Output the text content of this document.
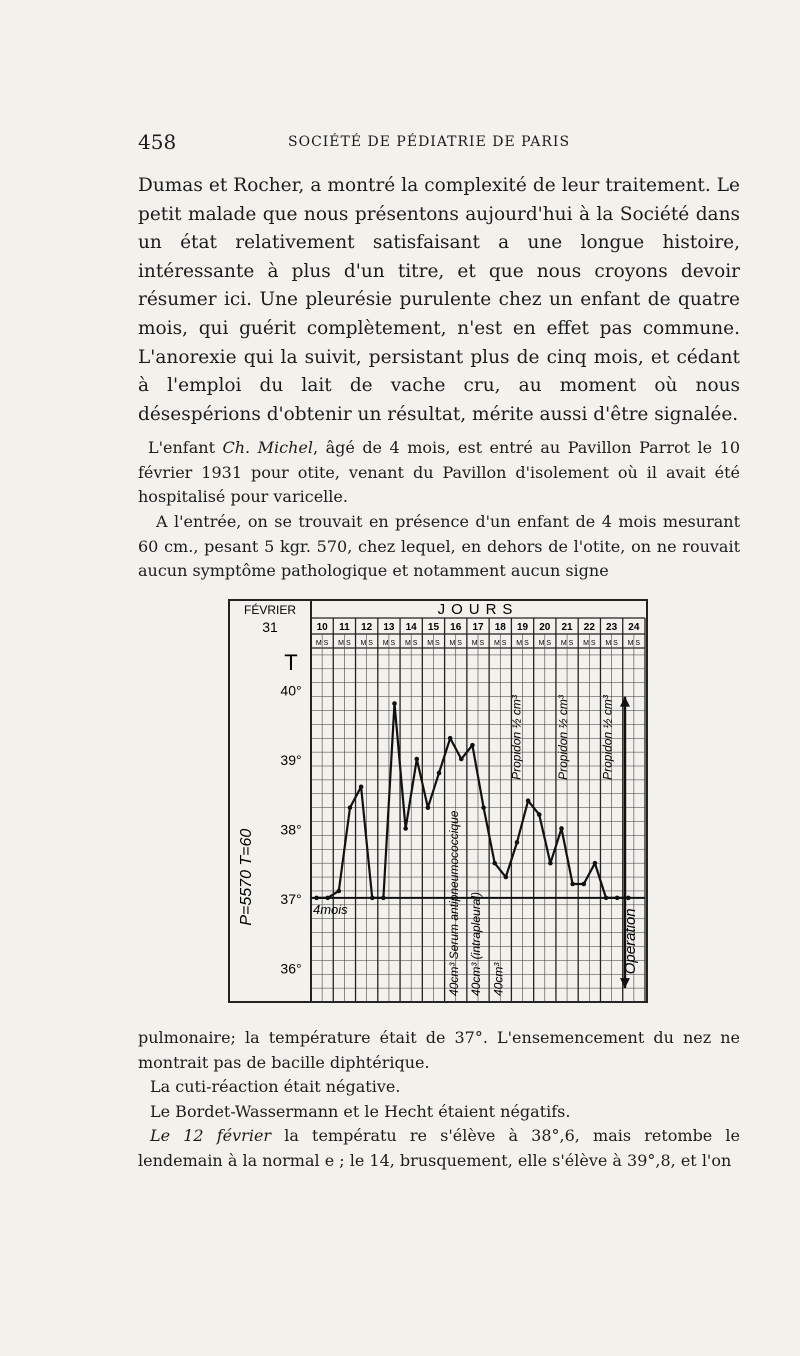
458	SOCIÉTÉ DE PÉDIATRIE DE PARIS

Dumas et Rocher, a montré la complexité de leur traitement. Le petit malade que nous présentons aujourd'hui à la Société dans un état relativement satisfaisant a une longue histoire, intéressante à plus d'un titre, et que nous croyons devoir résumer ici. Une pleurésie purulente chez un enfant de quatre mois, qui guérit complètement, n'est en effet pas commune. L'anorexie qui la suivit, persistant plus de cinq mois, et cédant à l'emploi du lait de vache cru, au moment où nous désespérions d'obtenir un résultat, mérite aussi d'être signalée.

L'enfant Ch. Michel, âgé de 4 mois, est entré au Pavillon Parrot le 10 février 1931 pour otite, venant du Pavillon d'isolement où il avait été hospitalisé pour varicelle.

A l'entrée, on se trouvait en présence d'un enfant de 4 mois mesurant 60 cm., pesant 5 kgr. 570, chez lequel, en dehors de l'otite, on ne rouvait aucun symptôme pathologique et notamment aucun signe

FÉVRIER
31
JOURS
10
M S
11
M S
12
M S
13
M S
14
M S
15
M S
16
M S
17
M S
18
M S
19
M S
20
M S
21
M S
22
M S
23
M S
24
M S
T
40°
39°
38°
37°
36°
P=5570 T=60	4mois	40cm³ Serum antipneumococcique 40cm³ (intrapleural) 40cm³
Propidon ½ cm³	Propidon ½ cm³	Propidon ½ cm³
Opération

pulmonaire; la température était de 37°. L'ensemencement du nez ne montrait pas de bacille diphtérique.

La cuti-réaction était négative.

Le Bordet-Wassermann et le Hecht étaient négatifs.

Le 12 février la températu re s'élève à 38°,6, mais retombe le lendemain à la normal e ; le 14, brusquement, elle s'élève à 39°,8, et l'on
